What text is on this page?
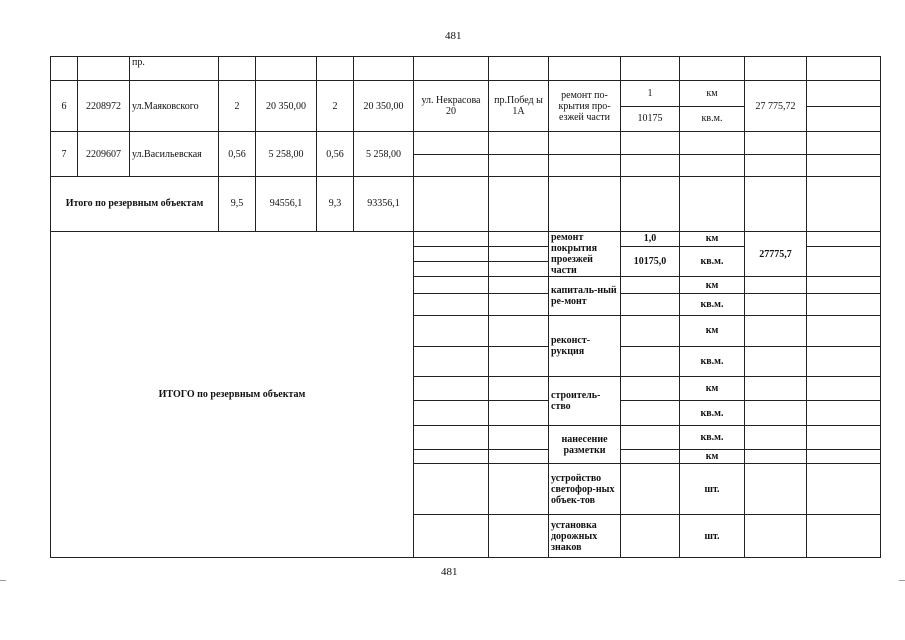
481
		пр.											
6	2208972	ул.Маяковского	2	20 350,00	2	20 350,00	ул. Некрасова 20	пр.Побед ы 1А	ремонт по-крытия про-езжей части	1	км	27 775,72	
										10175	кв.м.		
7	2209607	ул.Васильевская	0,56	5 258,00	0,56	5 258,00							

Итого по резервным объектам			9,5	94556,1	9,3	93356,1							
ИТОГО по резервным объектам									ремонт покрытия проезжей части	1,0	км	27775,7	
										10175,0	кв.м.		

									капиталь-ный ре-монт		км		
											кв.м.		
									реконст-рукция		км		
											кв.м.		
									строитель-ство		км		
											кв.м.		
									нанесение разметки		кв.м.		
											км		
									устройство светофор-ных объек-тов		шт.		
									установка дорожных знаков		шт.		
481
